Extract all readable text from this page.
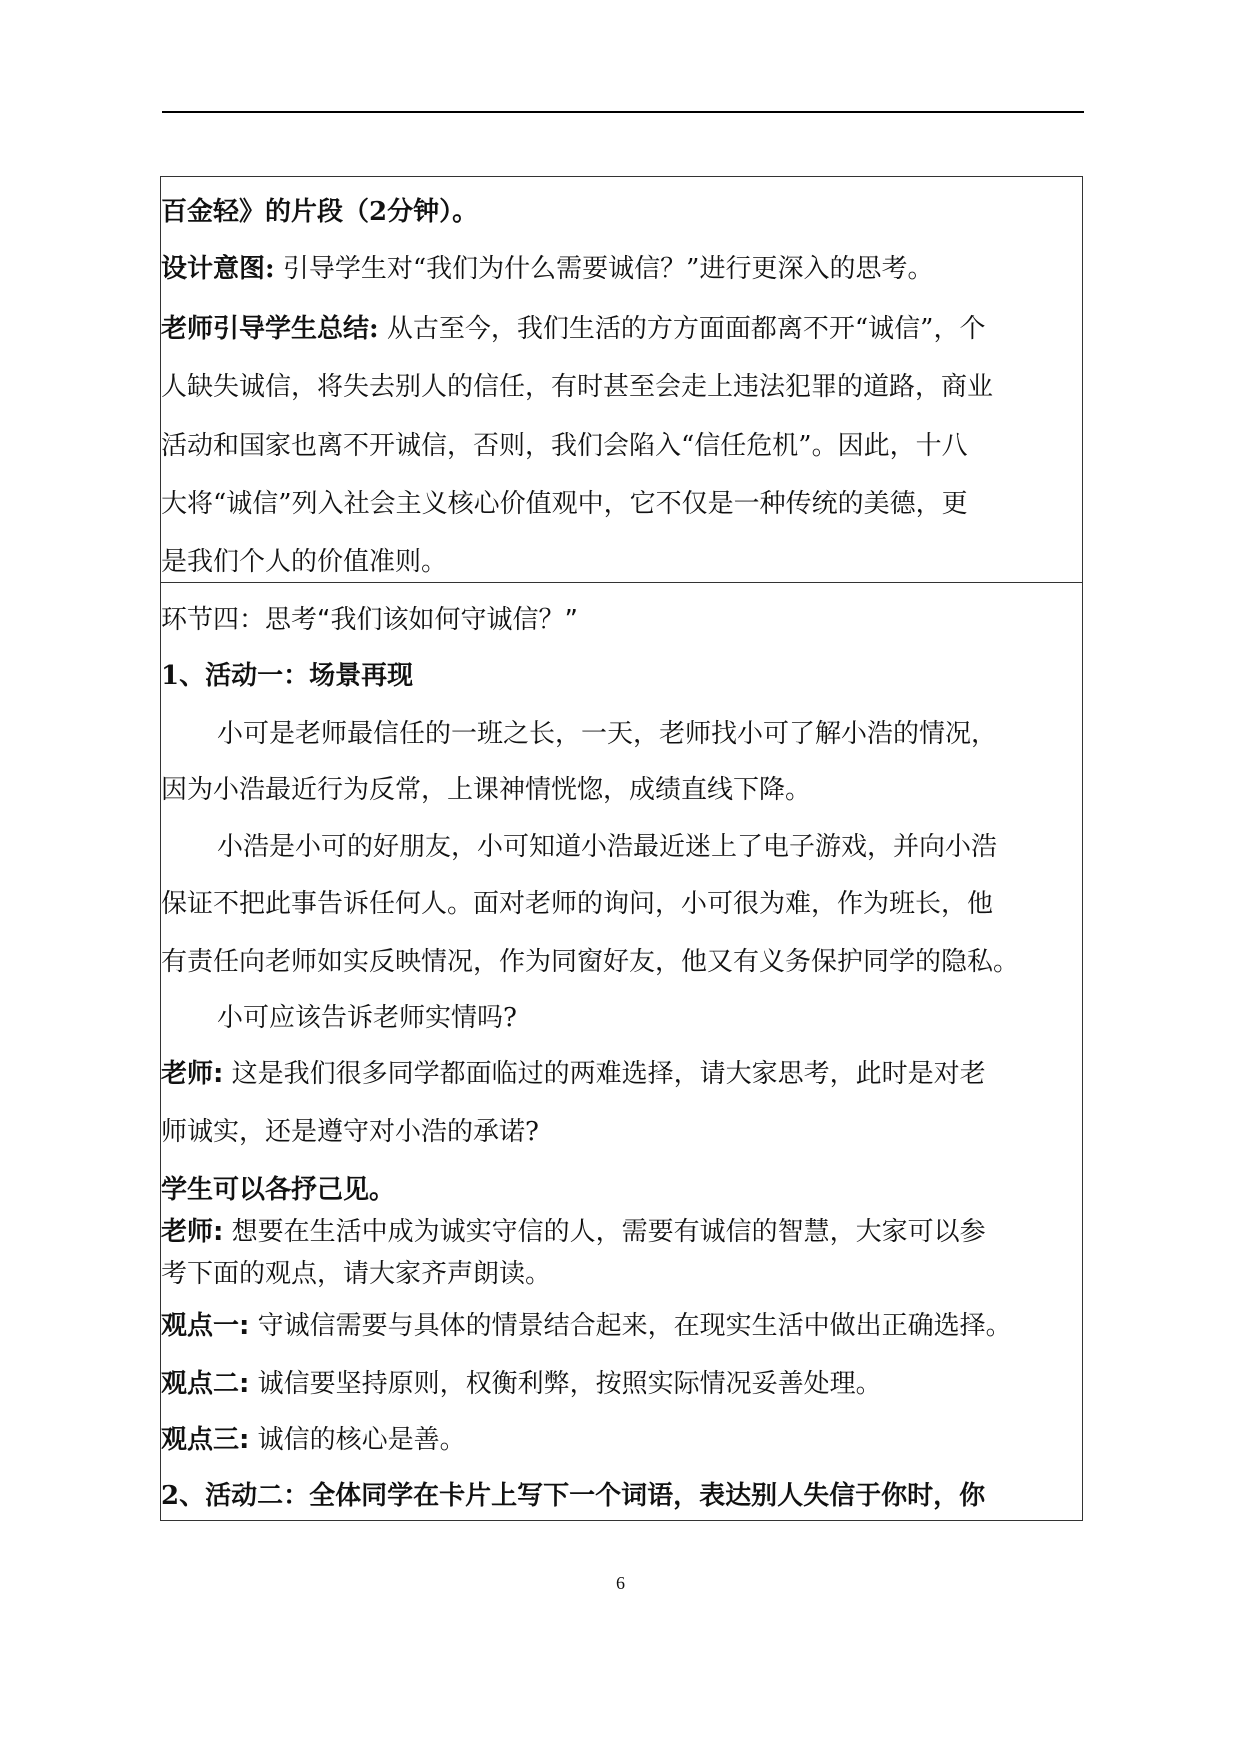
百金轻》的片段（2分钟）。
设计意图: 引导学生对“我们为什么需要诚信？”进行更深入的思考。
老师引导学生总结: 从古至今，我们生活的方方面面都离不开“诚信”，个
人缺失诚信，将失去别人的信任，有时甚至会走上违法犯罪的道路，商业
活动和国家也离不开诚信，否则，我们会陷入“信任危机”。因此，十八
大将“诚信”列入社会主义核心价值观中，它不仅是一种传统的美德，更
是我们个人的价值准则。
环节四：思考“我们该如何守诚信？”
1、活动一：场景再现
小可是老师最信任的一班之长，一天，老师找小可了解小浩的情况，
因为小浩最近行为反常，上课神情恍惚，成绩直线下降。
小浩是小可的好朋友，小可知道小浩最近迷上了电子游戏，并向小浩
保证不把此事告诉任何人。面对老师的询问，小可很为难，作为班长，他
有责任向老师如实反映情况，作为同窗好友，他又有义务保护同学的隐私。
小可应该告诉老师实情吗?
老师: 这是我们很多同学都面临过的两难选择，请大家思考，此时是对老
师诚实，还是遵守对小浩的承诺?
学生可以各抒己见。
老师: 想要在生活中成为诚实守信的人，需要有诚信的智慧，大家可以参
考下面的观点，请大家齐声朗读。
观点一: 守诚信需要与具体的情景结合起来，在现实生活中做出正确选择。
观点二: 诚信要坚持原则，权衡利弊，按照实际情况妥善处理。
观点三: 诚信的核心是善。
2、活动二：全体同学在卡片上写下一个词语，表达别人失信于你时，你
6
